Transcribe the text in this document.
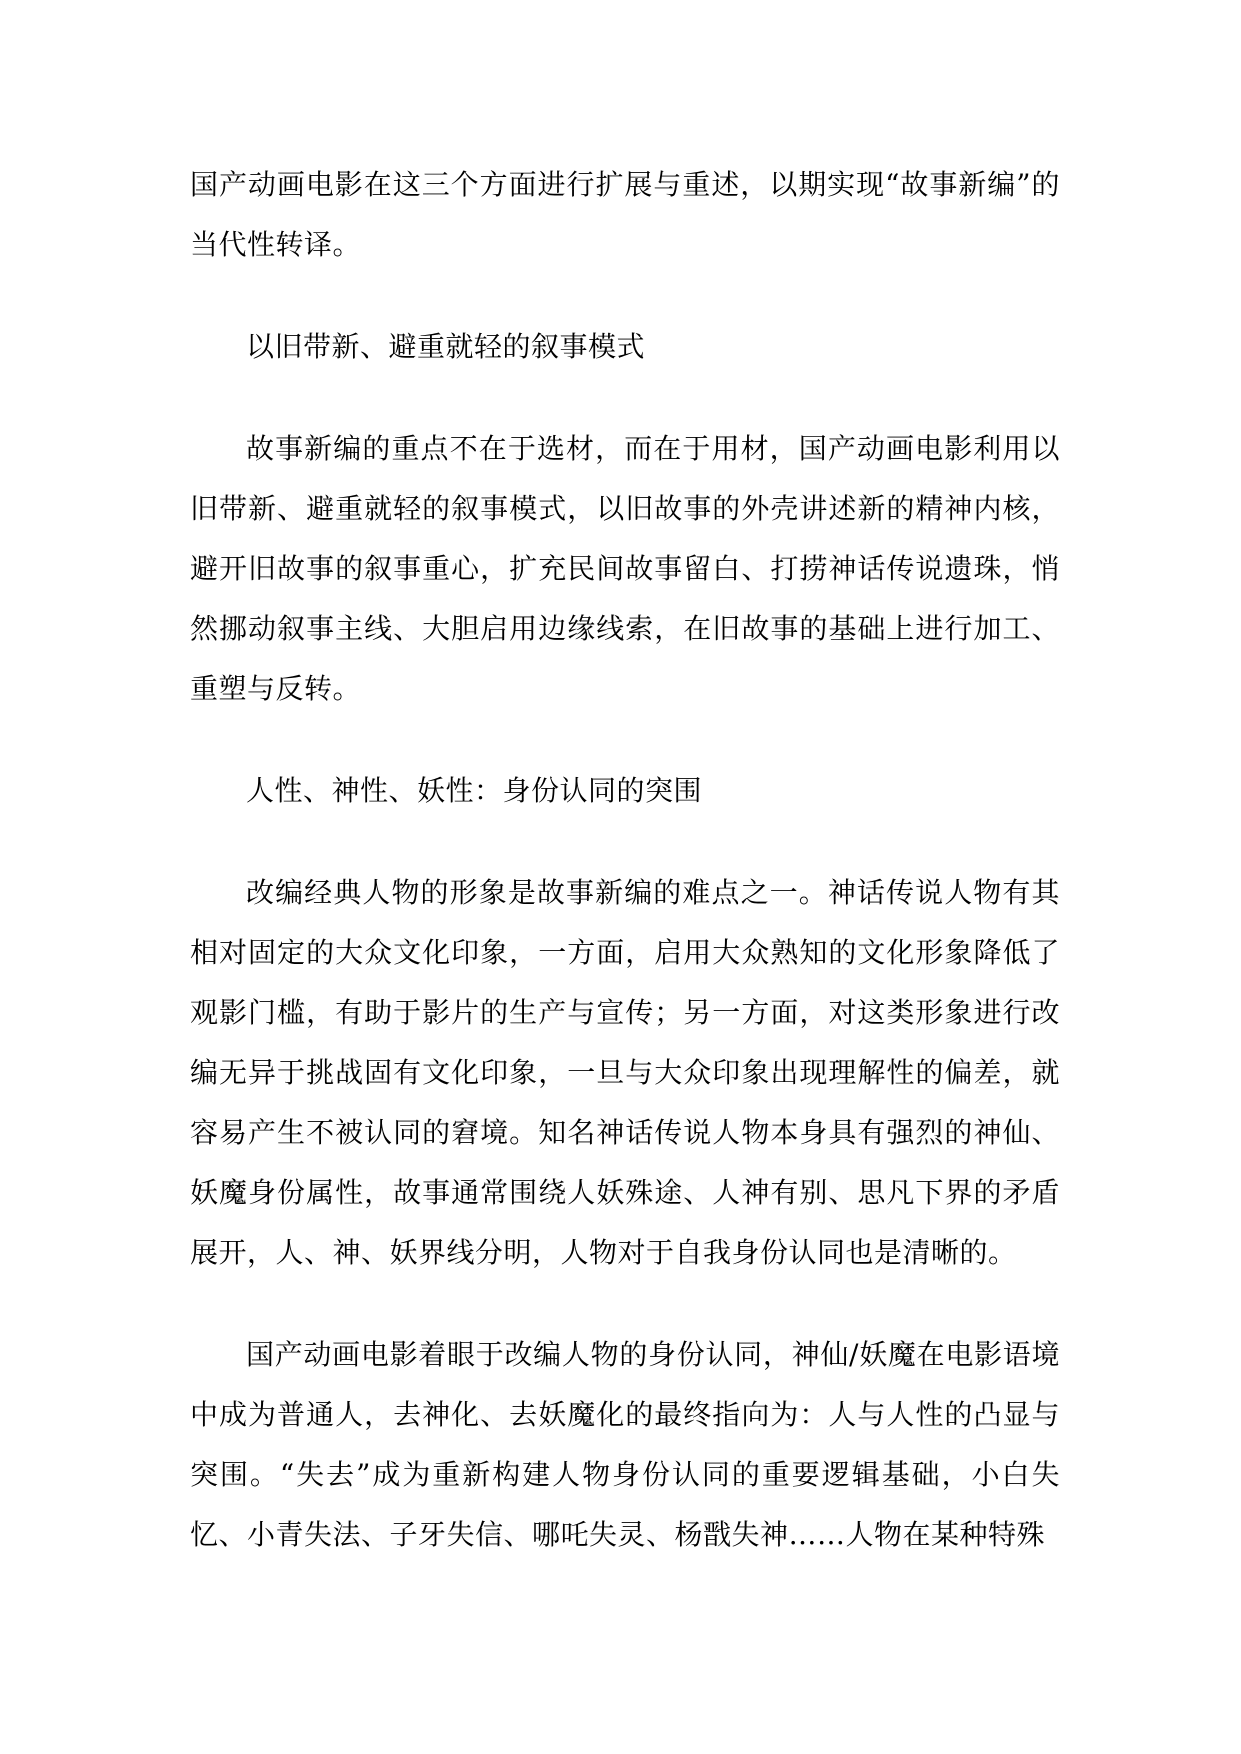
国产动画电影在这三个方面进行扩展与重述，以期实现“故事新编”的当代性转译。

以旧带新、避重就轻的叙事模式

故事新编的重点不在于选材，而在于用材，国产动画电影利用以旧带新、避重就轻的叙事模式，以旧故事的外壳讲述新的精神内核，避开旧故事的叙事重心，扩充民间故事留白、打捞神话传说遗珠，悄然挪动叙事主线、大胆启用边缘线索，在旧故事的基础上进行加工、重塑与反转。

人性、神性、妖性：身份认同的突围

改编经典人物的形象是故事新编的难点之一。神话传说人物有其相对固定的大众文化印象，一方面，启用大众熟知的文化形象降低了观影门槛，有助于影片的生产与宣传；另一方面，对这类形象进行改编无异于挑战固有文化印象，一旦与大众印象出现理解性的偏差，就容易产生不被认同的窘境。知名神话传说人物本身具有强烈的神仙、妖魔身份属性，故事通常围绕人妖殊途、人神有别、思凡下界的矛盾展开，人、神、妖界线分明，人物对于自我身份认同也是清晰的。

国产动画电影着眼于改编人物的身份认同，神仙/妖魔在电影语境中成为普通人，去神化、去妖魔化的最终指向为：人与人性的凸显与突围。“失去”成为重新构建人物身份认同的重要逻辑基础，小白失忆、小青失法、子牙失信、哪吒失灵、杨戬失神……人物在某种特殊
